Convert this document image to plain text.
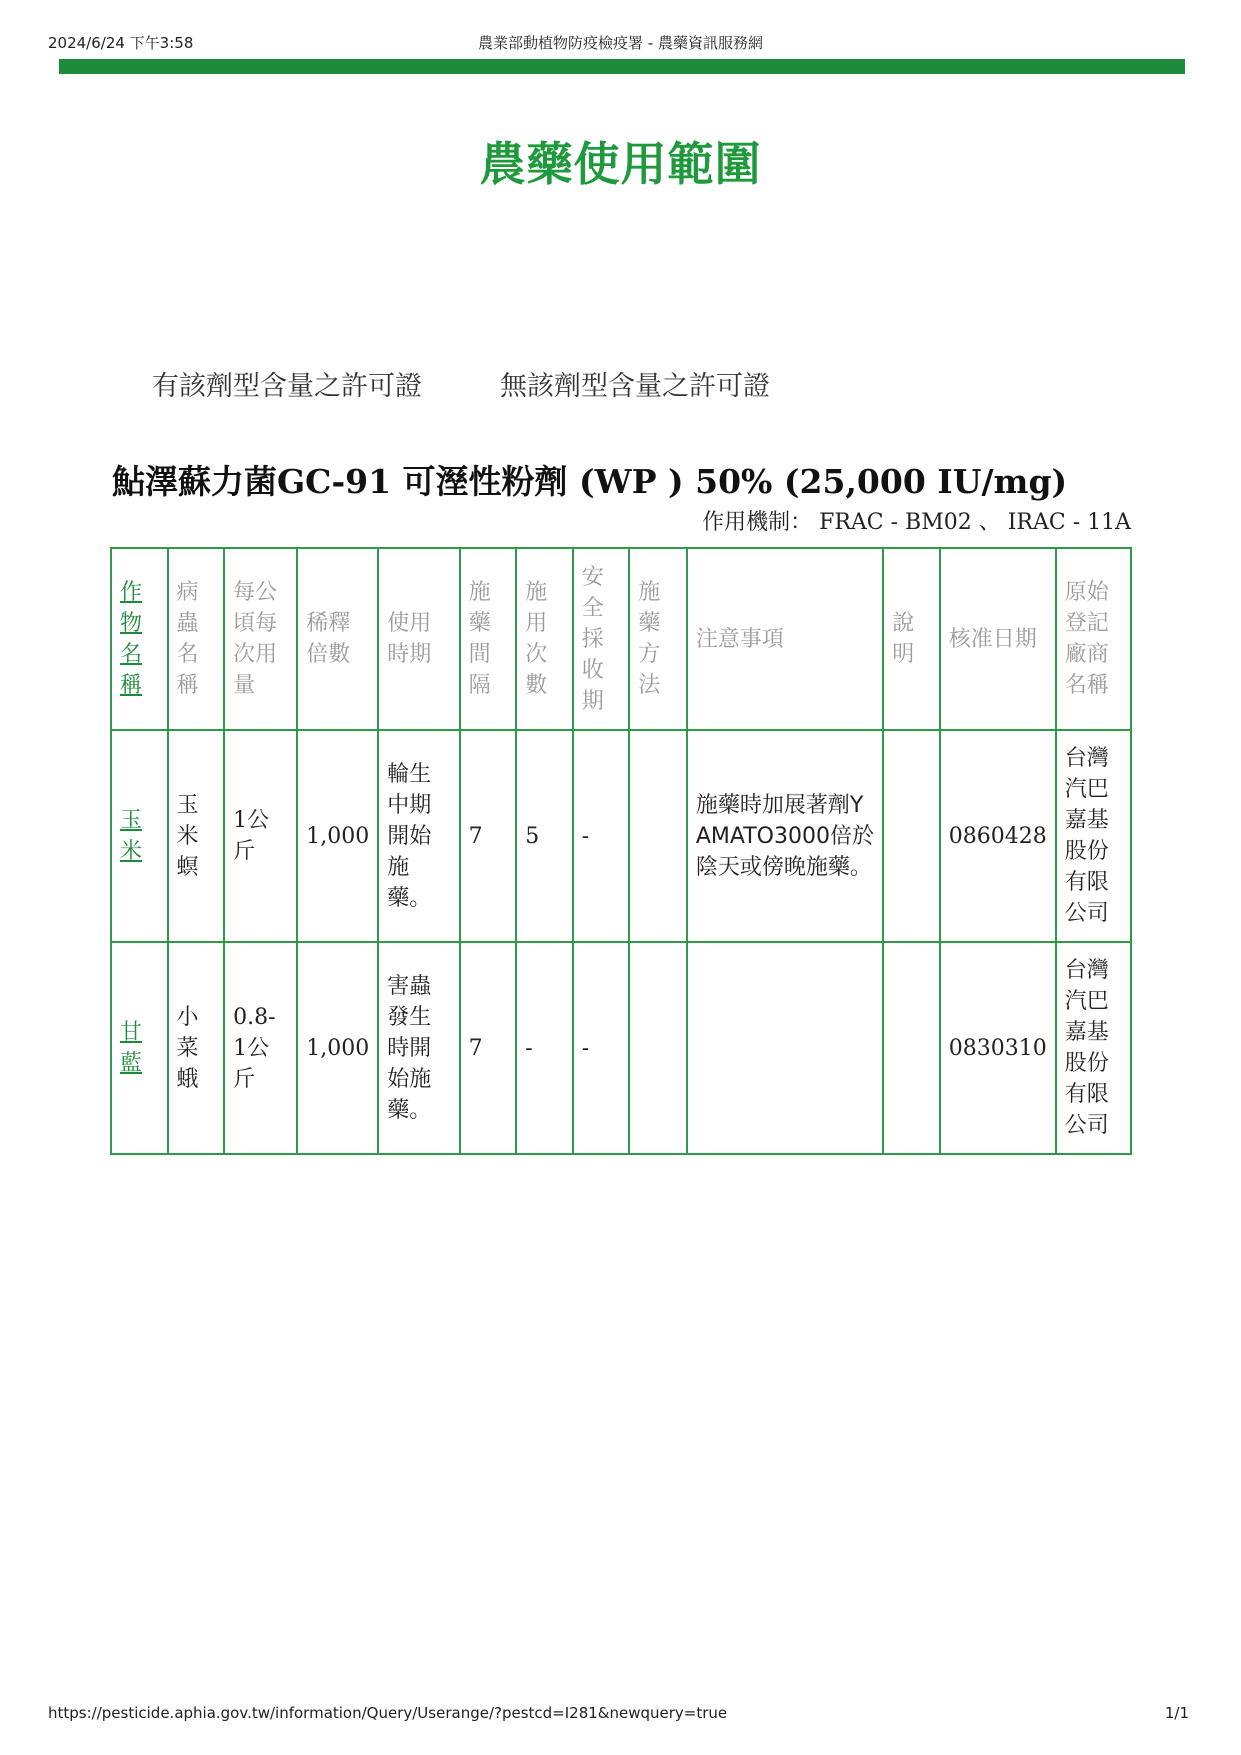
2024/6/24 下午3:58	農業部動植物防疫檢疫署 - 農藥資訊服務網
農藥使用範圍
有該劑型含量之許可證	無該劑型含量之許可證
鮎澤蘇力菌GC-91 可溼性粉劑 (WP ) 50% (25,000 IU/mg)
作用機制： FRAC - BM02 、 IRAC - 11A
作物名稱	病蟲名稱	每公頃每次用量	稀釋倍數	使用時期	施藥間隔	施用次數	安全採收期	施藥方法	注意事項	說明	核准日期	原始登記廠商名稱
玉米	玉米螟	1公斤	1,000	輪生中期開始施藥。	7	5	-		施藥時加展著劑YAMATO3000倍於陰天或傍晚施藥。		0860428	台灣汽巴嘉基股份有限公司
甘藍	小菜蛾	0.8-1公斤	1,000	害蟲發生時開始施藥。	7	-	-				0830310	台灣汽巴嘉基股份有限公司
https://pesticide.aphia.gov.tw/information/Query/Userange/?pestcd=I281&newquery=true	1/1
